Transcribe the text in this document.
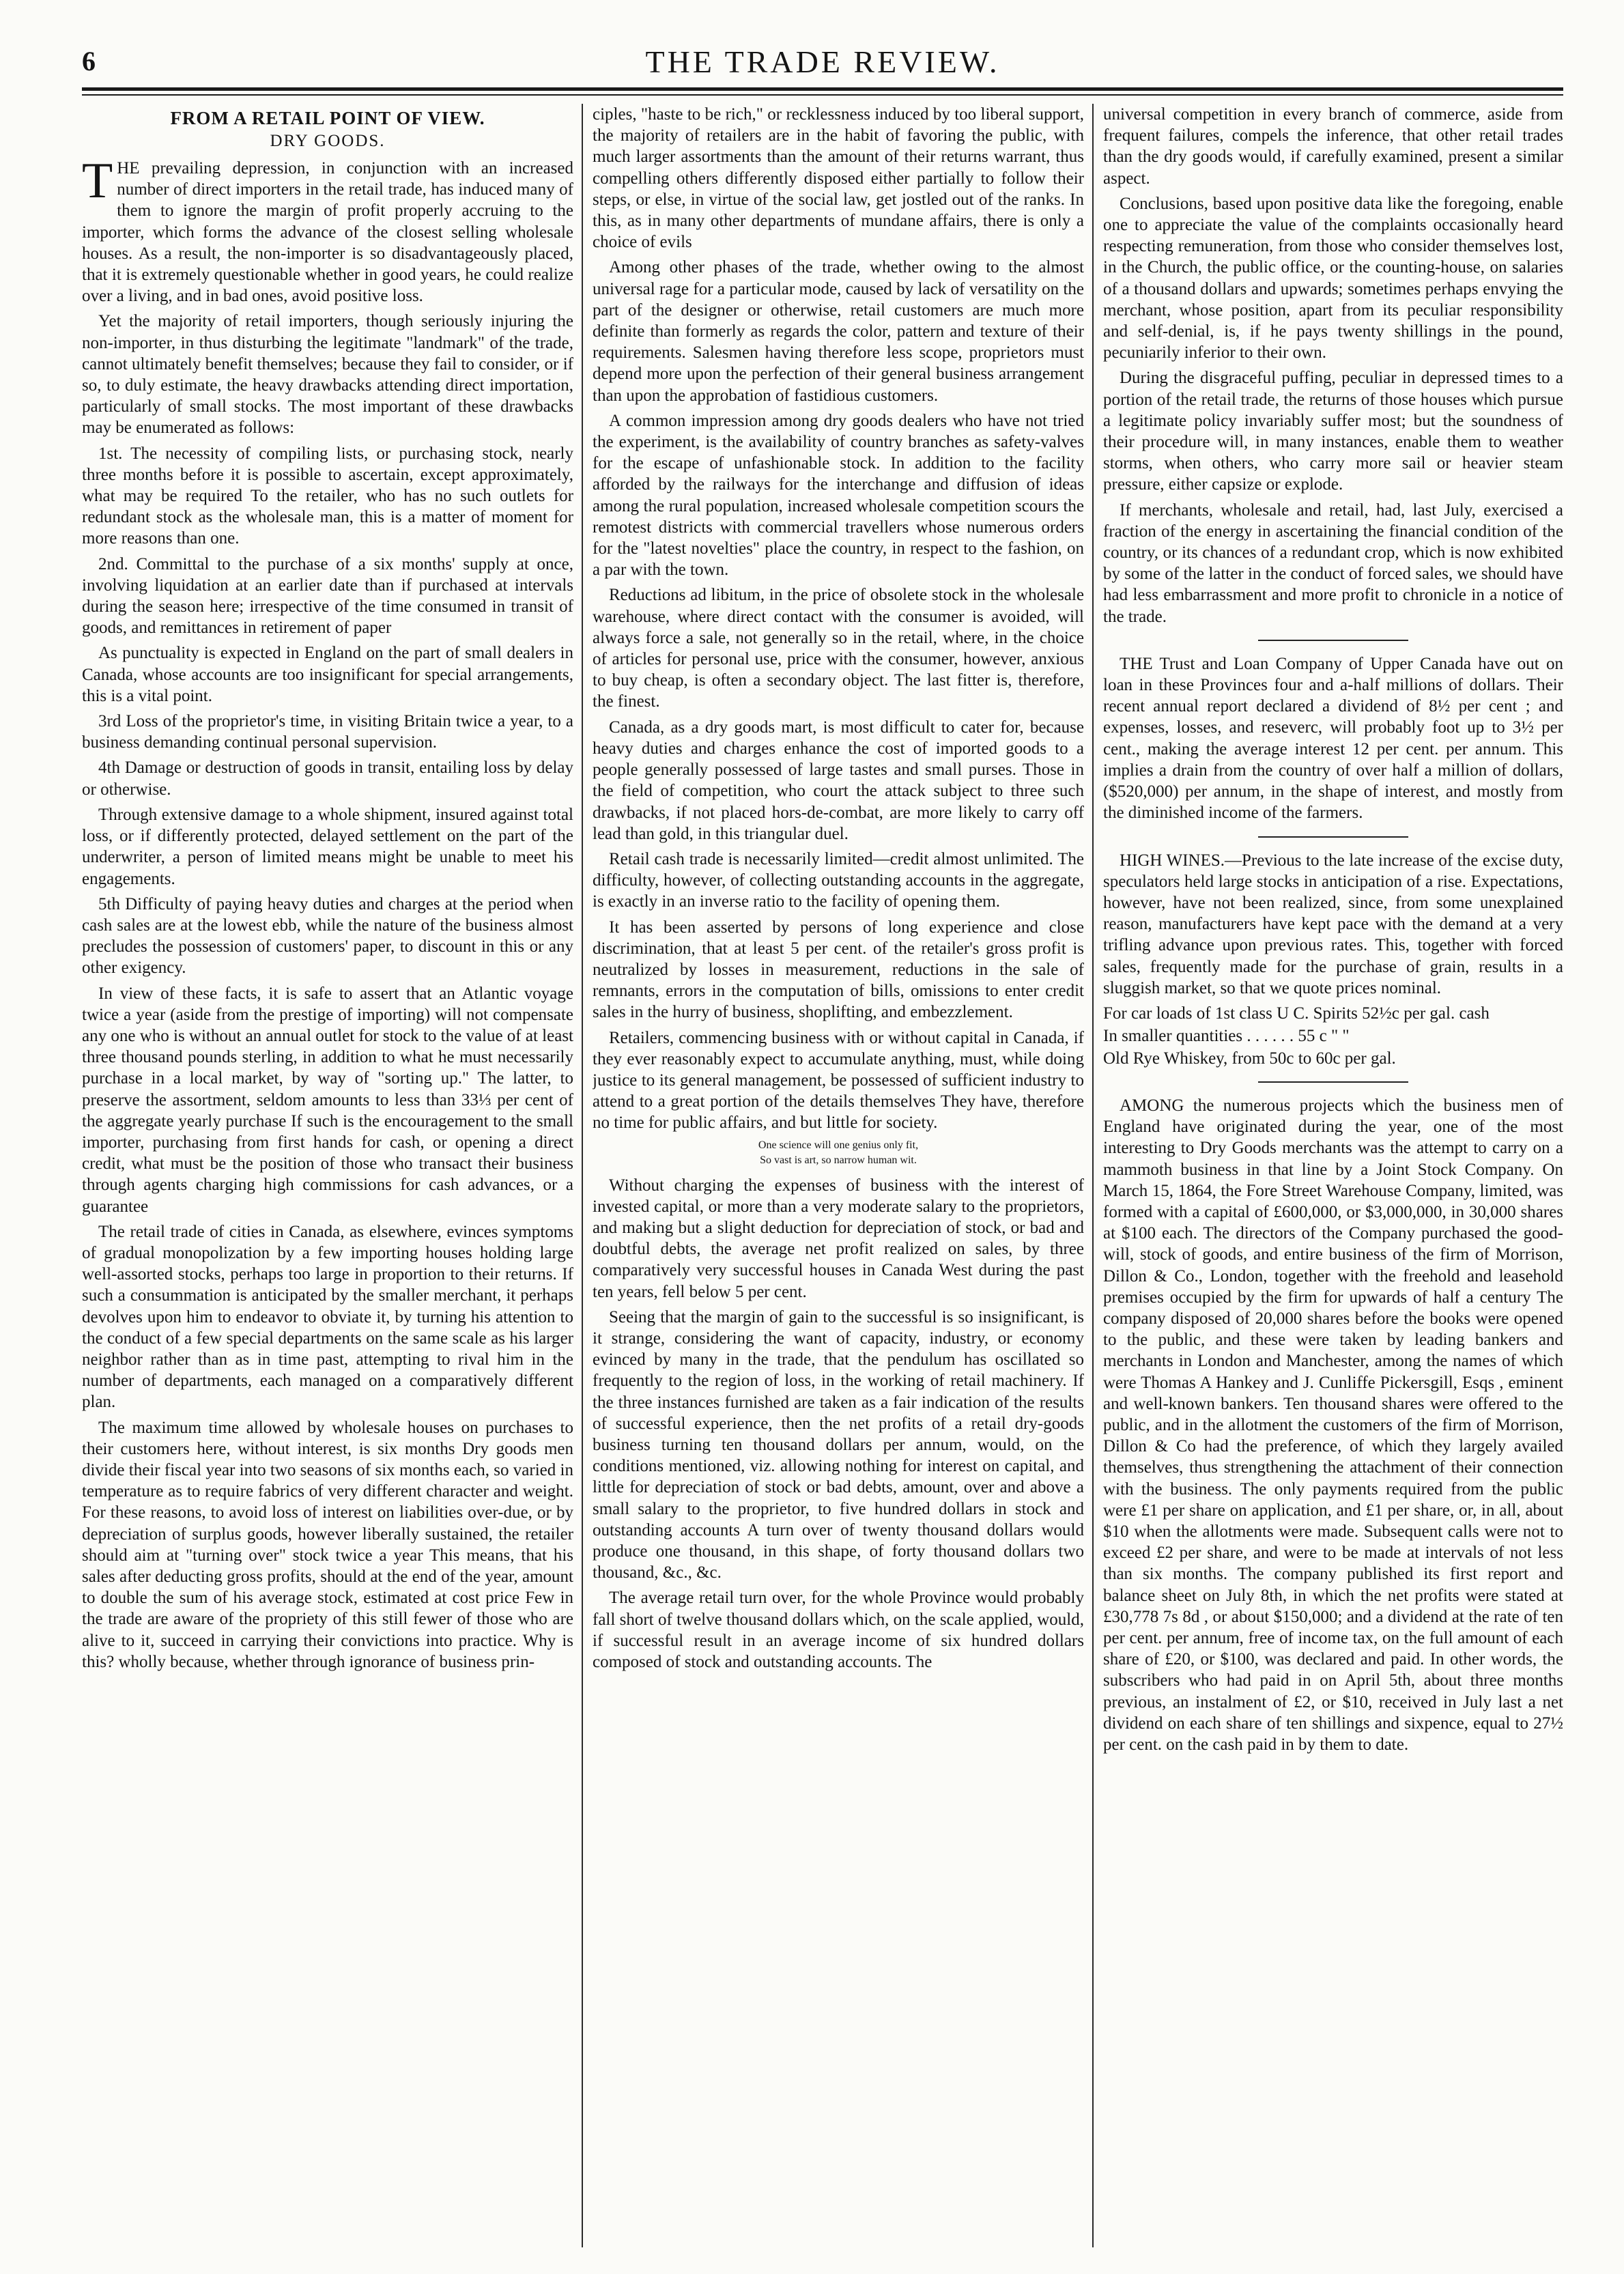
6	THE TRADE REVIEW.
FROM A RETAIL POINT OF VIEW.
DRY GOODS.

THE prevailing depression, in conjunction with an increased number of direct importers in the retail trade, has induced many of them to ignore the margin of profit properly accruing to the importer, which forms the advance of the closest selling wholesale houses. As a result, the non-importer is so disadvantageously placed, that it is extremely questionable whether in good years, he could realize over a living, and in bad ones, avoid positive loss.

Yet the majority of retail importers, though seriously injuring the non-importer, in thus disturbing the legitimate "landmark" of the trade, cannot ultimately benefit themselves; because they fail to consider, or if so, to duly estimate, the heavy drawbacks attending direct importation, particularly of small stocks. The most important of these drawbacks may be enumerated as follows:

1st. The necessity of compiling lists, or purchasing stock, nearly three months before it is possible to ascertain, except approximately, what may be required To the retailer, who has no such outlets for redundant stock as the wholesale man, this is a matter of moment for more reasons than one.

2nd. Committal to the purchase of a six months' supply at once, involving liquidation at an earlier date than if purchased at intervals during the season here; irrespective of the time consumed in transit of goods, and remittances in retirement of paper

As punctuality is expected in England on the part of small dealers in Canada, whose accounts are too insignificant for special arrangements, this is a vital point.

3rd Loss of the proprietor's time, in visiting Britain twice a year, to a business demanding continual personal supervision.

4th Damage or destruction of goods in transit, entailing loss by delay or otherwise.

Through extensive damage to a whole shipment, insured against total loss, or if differently protected, delayed settlement on the part of the underwriter, a person of limited means might be unable to meet his engagements.

5th Difficulty of paying heavy duties and charges at the period when cash sales are at the lowest ebb, while the nature of the business almost precludes the possession of customers' paper, to discount in this or any other exigency.

In view of these facts, it is safe to assert that an Atlantic voyage twice a year (aside from the prestige of importing) will not compensate any one who is without an annual outlet for stock to the value of at least three thousand pounds sterling, in addition to what he must necessarily purchase in a local market, by way of "sorting up." The latter, to preserve the assortment, seldom amounts to less than 33⅓ per cent of the aggregate yearly purchase If such is the encouragement to the small importer, purchasing from first hands for cash, or opening a direct credit, what must be the position of those who transact their business through agents charging high commissions for cash advances, or a guarantee

The retail trade of cities in Canada, as elsewhere, evinces symptoms of gradual monopolization by a few importing houses holding large well-assorted stocks, perhaps too large in proportion to their returns. If such a consummation is anticipated by the smaller merchant, it perhaps devolves upon him to endeavor to obviate it, by turning his attention to the conduct of a few special departments on the same scale as his larger neighbor rather than as in time past, attempting to rival him in the number of departments, each managed on a comparatively different plan.

The maximum time allowed by wholesale houses on purchases to their customers here, without interest, is six months Dry goods men divide their fiscal year into two seasons of six months each, so varied in temperature as to require fabrics of very different character and weight. For these reasons, to avoid loss of interest on liabilities over-due, or by depreciation of surplus goods, however liberally sustained, the retailer should aim at "turning over" stock twice a year This means, that his sales after deducting gross profits, should at the end of the year, amount to double the sum of his average stock, estimated at cost price Few in the trade are aware of the propriety of this still fewer of those who are alive to it, succeed in carrying their convictions into practice. Why is this? wholly because, whether through ignorance of business prin-

ciples, "haste to be rich," or recklessness induced by too liberal support, the majority of retailers are in the habit of favoring the public, with much larger assortments than the amount of their returns warrant, thus compelling others differently disposed either partially to follow their steps, or else, in virtue of the social law, get jostled out of the ranks. In this, as in many other departments of mundane affairs, there is only a choice of evils

Among other phases of the trade, whether owing to the almost universal rage for a particular mode, caused by lack of versatility on the part of the designer or otherwise, retail customers are much more definite than formerly as regards the color, pattern and texture of their requirements. Salesmen having therefore less scope, proprietors must depend more upon the perfection of their general business arrangement than upon the approbation of fastidious customers.

A common impression among dry goods dealers who have not tried the experiment, is the availability of country branches as safety-valves for the escape of unfashionable stock. In addition to the facility afforded by the railways for the interchange and diffusion of ideas among the rural population, increased wholesale competition scours the remotest districts with commercial travellers whose numerous orders for the "latest novelties" place the country, in respect to the fashion, on a par with the town.

Reductions ad libitum, in the price of obsolete stock in the wholesale warehouse, where direct contact with the consumer is avoided, will always force a sale, not generally so in the retail, where, in the choice of articles for personal use, price with the consumer, however, anxious to buy cheap, is often a secondary object. The last fitter is, therefore, the finest.

Canada, as a dry goods mart, is most difficult to cater for, because heavy duties and charges enhance the cost of imported goods to a people generally possessed of large tastes and small purses. Those in the field of competition, who court the attack subject to three such drawbacks, if not placed hors-de-combat, are more likely to carry off lead than gold, in this triangular duel.

Retail cash trade is necessarily limited—credit almost unlimited. The difficulty, however, of collecting outstanding accounts in the aggregate, is exactly in an inverse ratio to the facility of opening them.

It has been asserted by persons of long experience and close discrimination, that at least 5 per cent. of the retailer's gross profit is neutralized by losses in measurement, reductions in the sale of remnants, errors in the computation of bills, omissions to enter credit sales in the hurry of business, shoplifting, and embezzlement.

Retailers, commencing business with or without capital in Canada, if they ever reasonably expect to accumulate anything, must, while doing justice to its general management, be possessed of sufficient industry to attend to a great portion of the details themselves They have, therefore no time for public affairs, and but little for society.

One science will one genius only fit,
So vast is art, so narrow human wit.

Without charging the expenses of business with the interest of invested capital, or more than a very moderate salary to the proprietors, and making but a slight deduction for depreciation of stock, or bad and doubtful debts, the average net profit realized on sales, by three comparatively very successful houses in Canada West during the past ten years, fell below 5 per cent.

Seeing that the margin of gain to the successful is so insignificant, is it strange, considering the want of capacity, industry, or economy evinced by many in the trade, that the pendulum has oscillated so frequently to the region of loss, in the working of retail machinery. If the three instances furnished are taken as a fair indication of the results of successful experience, then the net profits of a retail dry-goods business turning ten thousand dollars per annum, would, on the conditions mentioned, viz. allowing nothing for interest on capital, and little for depreciation of stock or bad debts, amount, over and above a small salary to the proprietor, to five hundred dollars in stock and outstanding accounts A turn over of twenty thousand dollars would produce one thousand, in this shape, of forty thousand dollars two thousand, &c., &c.

The average retail turn over, for the whole Province would probably fall short of twelve thousand dollars which, on the scale applied, would, if successful result in an average income of six hundred dollars composed of stock and outstanding accounts. The

universal competition in every branch of commerce, aside from frequent failures, compels the inference, that other retail trades than the dry goods would, if carefully examined, present a similar aspect.

Conclusions, based upon positive data like the foregoing, enable one to appreciate the value of the complaints occasionally heard respecting remuneration, from those who consider themselves lost, in the Church, the public office, or the counting-house, on salaries of a thousand dollars and upwards; sometimes perhaps envying the merchant, whose position, apart from its peculiar responsibility and self-denial, is, if he pays twenty shillings in the pound, pecuniarily inferior to their own.

During the disgraceful puffing, peculiar in depressed times to a portion of the retail trade, the returns of those houses which pursue a legitimate policy invariably suffer most; but the soundness of their procedure will, in many instances, enable them to weather storms, when others, who carry more sail or heavier steam pressure, either capsize or explode.

If merchants, wholesale and retail, had, last July, exercised a fraction of the energy in ascertaining the financial condition of the country, or its chances of a redundant crop, which is now exhibited by some of the latter in the conduct of forced sales, we should have had less embarrassment and more profit to chronicle in a notice of the trade.

THE Trust and Loan Company of Upper Canada have out on loan in these Provinces four and a-half millions of dollars. Their recent annual report declared a dividend of 8½ per cent ; and expenses, losses, and reseverc, will probably foot up to 3½ per cent., making the average interest 12 per cent. per annum. This implies a drain from the country of over half a million of dollars, ($520,000) per annum, in the shape of interest, and mostly from the diminished income of the farmers.

HIGH WINES.—Previous to the late increase of the excise duty, speculators held large stocks in anticipation of a rise. Expectations, however, have not been realized, since, from some unexplained reason, manufacturers have kept pace with the demand at a very trifling advance upon previous rates. This, together with forced sales, frequently made for the purchase of grain, results in a sluggish market, so that we quote prices nominal.

For car loads of 1st class U C. Spirits 52½c per gal. cash
In smaller quantities . . . . . . 55 c " "
Old Rye Whiskey, from 50c to 60c per gal.

AMONG the numerous projects which the business men of England have originated during the year, one of the most interesting to Dry Goods merchants was the attempt to carry on a mammoth business in that line by a Joint Stock Company. On March 15, 1864, the Fore Street Warehouse Company, limited, was formed with a capital of £600,000, or $3,000,000, in 30,000 shares at $100 each. The directors of the Company purchased the good-will, stock of goods, and entire business of the firm of Morrison, Dillon & Co., London, together with the freehold and leasehold premises occupied by the firm for upwards of half a century The company disposed of 20,000 shares before the books were opened to the public, and these were taken by leading bankers and merchants in London and Manchester, among the names of which were Thomas A Hankey and J. Cunliffe Pickersgill, Esqs , eminent and well-known bankers. Ten thousand shares were offered to the public, and in the allotment the customers of the firm of Morrison, Dillon & Co had the preference, of which they largely availed themselves, thus strengthening the attachment of their connection with the business. The only payments required from the public were £1 per share on application, and £1 per share, or, in all, about $10 when the allotments were made. Subsequent calls were not to exceed £2 per share, and were to be made at intervals of not less than six months. The company published its first report and balance sheet on July 8th, in which the net profits were stated at £30,778 7s 8d , or about $150,000; and a dividend at the rate of ten per cent. per annum, free of income tax, on the full amount of each share of £20, or $100, was declared and paid. In other words, the subscribers who had paid in on April 5th, about three months previous, an instalment of £2, or $10, received in July last a net dividend on each share of ten shillings and sixpence, equal to 27½ per cent. on the cash paid in by them to date.
